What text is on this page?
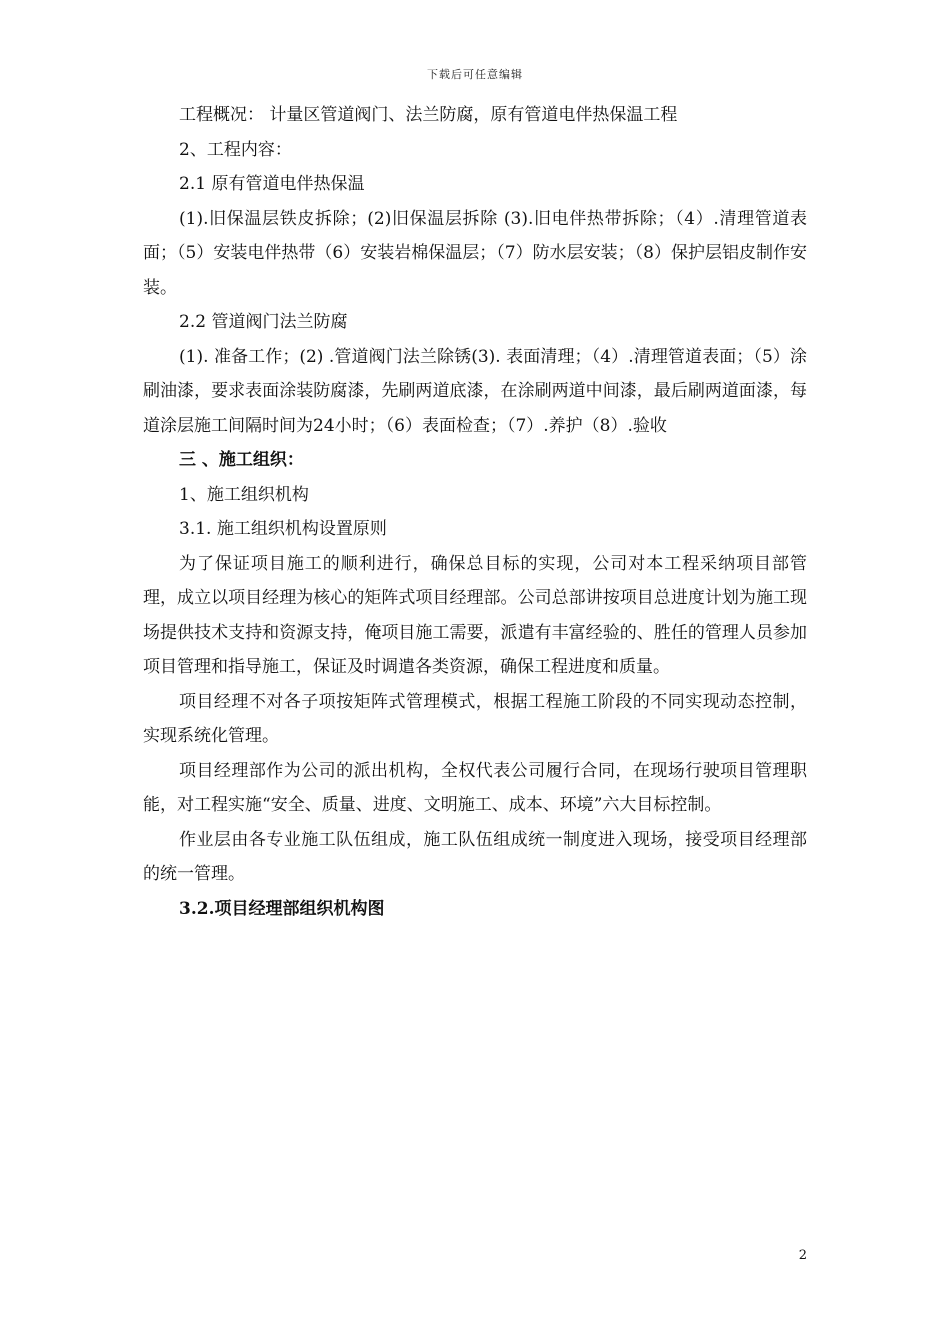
下载后可任意编辑

工程概况： 计量区管道阀门、法兰防腐，原有管道电伴热保温工程

2、工程内容：

2.1 原有管道电伴热保温

(1).旧保温层铁皮拆除；(2)旧保温层拆除 (3).旧电伴热带拆除；（4）.清理管道表面；（5）安装电伴热带（6）安装岩棉保温层；（7）防水层安装；（8）保护层铝皮制作安装。

2.2 管道阀门法兰防腐

(1). 准备工作；(2) .管道阀门法兰除锈(3). 表面清理；（4）.清理管道表面；（5）涂刷油漆，要求表面涂装防腐漆，先刷两道底漆，在涂刷两道中间漆，最后刷两道面漆，每道涂层施工间隔时间为24小时；（6）表面检查；（7）.养护（8）.验收

三 、施工组织：

1、施工组织机构

3.1. 施工组织机构设置原则

为了保证项目施工的顺利进行，确保总目标的实现，公司对本工程采纳项目部管理，成立以项目经理为核心的矩阵式项目经理部。公司总部讲按项目总进度计划为施工现场提供技术支持和资源支持，俺项目施工需要，派遣有丰富经验的、胜任的管理人员参加项目管理和指导施工，保证及时调遣各类资源，确保工程进度和质量。

项目经理不对各子项按矩阵式管理模式，根据工程施工阶段的不同实现动态控制，实现系统化管理。

项目经理部作为公司的派出机构，全权代表公司履行合同，在现场行驶项目管理职能，对工程实施“安全、质量、进度、文明施工、成本、环境”六大目标控制。

作业层由各专业施工队伍组成，施工队伍组成统一制度进入现场，接受项目经理部的统一管理。

3.2.项目经理部组织机构图

2
